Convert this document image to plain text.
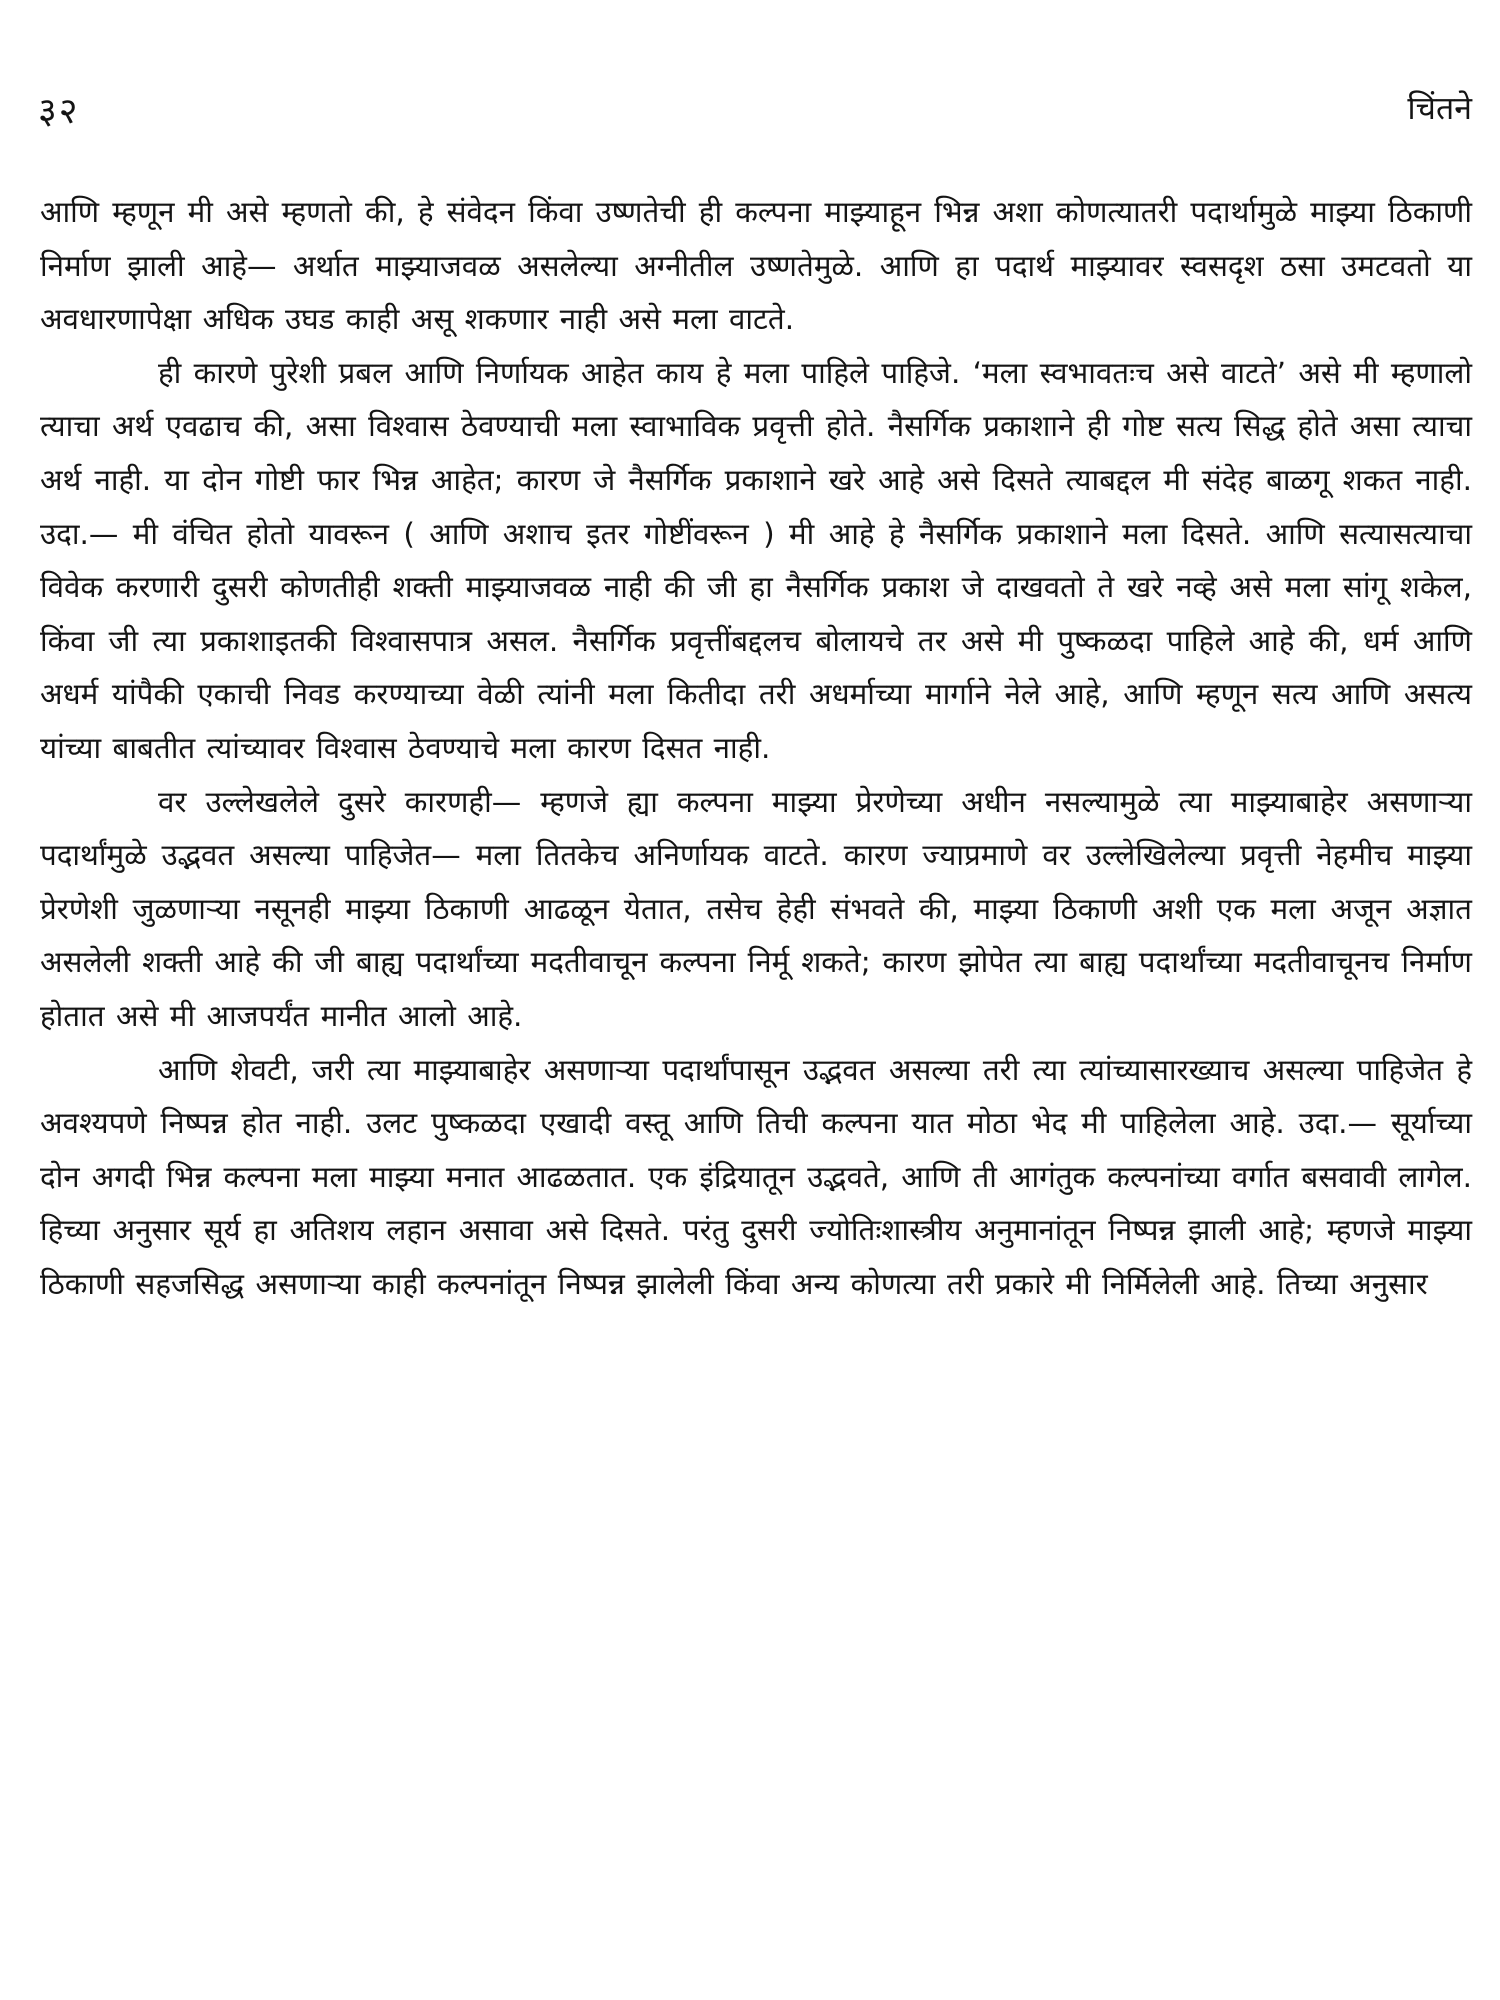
३२	चिंतने

आणि म्हणून मी असे म्हणतो की, हे संवेदन किंवा उष्णतेची ही कल्पना माझ्याहून भिन्न अशा कोणत्यातरी पदार्थामुळे माझ्या ठिकाणी निर्माण झाली आहे— अर्थात माझ्याजवळ असलेल्या अग्नीतील उष्णतेमुळे. आणि हा पदार्थ माझ्यावर स्वसदृश ठसा उमटवतो या अवधारणापेक्षा अधिक उघड काही असू शकणार नाही असे मला वाटते.

ही कारणे पुरेशी प्रबल आणि निर्णायक आहेत काय हे मला पाहिले पाहिजे. ‘मला स्वभावतःच असे वाटते’ असे मी म्हणालो त्याचा अर्थ एवढाच की, असा विश्वास ठेवण्याची मला स्वाभाविक प्रवृत्ती होते. नैसर्गिक प्रकाशाने ही गोष्ट सत्य सिद्ध होते असा त्याचा अर्थ नाही. या दोन गोष्टी फार भिन्न आहेत; कारण जे नैसर्गिक प्रकाशाने खरे आहे असे दिसते त्याबद्दल मी संदेह बाळगू शकत नाही. उदा.— मी वंचित होतो यावरून ( आणि अशाच इतर गोष्टींवरून ) मी आहे हे नैसर्गिक प्रकाशाने मला दिसते. आणि सत्यासत्याचा विवेक करणारी दुसरी कोणतीही शक्ती माझ्याजवळ नाही की जी हा नैसर्गिक प्रकाश जे दाखवतो ते खरे नव्हे असे मला सांगू शकेल, किंवा जी त्या प्रकाशाइतकी विश्वासपात्र असल. नैसर्गिक प्रवृत्तींबद्दलच बोलायचे तर असे मी पुष्कळदा पाहिले आहे की, धर्म आणि अधर्म यांपैकी एकाची निवड करण्याच्या वेळी त्यांनी मला कितीदा तरी अधर्माच्या मार्गाने नेले आहे, आणि म्हणून सत्य आणि असत्य यांच्या बाबतीत त्यांच्यावर विश्वास ठेवण्याचे मला कारण दिसत नाही.

वर उल्लेखलेले दुसरे कारणही— म्हणजे ह्या कल्पना माझ्या प्रेरणेच्या अधीन नसल्यामुळे त्या माझ्याबाहेर असणाऱ्या पदार्थांमुळे उद्भवत असल्या पाहिजेत— मला तितकेच अनिर्णायक वाटते. कारण ज्याप्रमाणे वर उल्लेखिलेल्या प्रवृत्ती नेहमीच माझ्या प्रेरणेशी जुळणाऱ्या नसूनही माझ्या ठिकाणी आढळून येतात, तसेच हेही संभवते की, माझ्या ठिकाणी अशी एक मला अजून अज्ञात असलेली शक्ती आहे की जी बाह्य पदार्थांच्या मदतीवाचून कल्पना निर्मू शकते; कारण झोपेत त्या बाह्य पदार्थांच्या मदतीवाचूनच निर्माण होतात असे मी आजपर्यंत मानीत आलो आहे.

आणि शेवटी, जरी त्या माझ्याबाहेर असणाऱ्या पदार्थांपासून उद्भवत असल्या तरी त्या त्यांच्यासारख्याच असल्या पाहिजेत हे अवश्यपणे निष्पन्न होत नाही. उलट पुष्कळदा एखादी वस्तू आणि तिची कल्पना यात मोठा भेद मी पाहिलेला आहे. उदा.— सूर्याच्या दोन अगदी भिन्न कल्पना मला माझ्या मनात आढळतात. एक इंद्रियातून उद्भवते, आणि ती आगंतुक कल्पनांच्या वर्गात बसवावी लागेल. हिच्या अनुसार सूर्य हा अतिशय लहान असावा असे दिसते. परंतु दुसरी ज्योतिःशास्त्रीय अनुमानांतून निष्पन्न झाली आहे; म्हणजे माझ्या ठिकाणी सहजसिद्ध असणाऱ्या काही कल्पनांतून निष्पन्न झालेली किंवा अन्य कोणत्या तरी प्रकारे मी निर्मिलेली आहे. तिच्या अनुसार
